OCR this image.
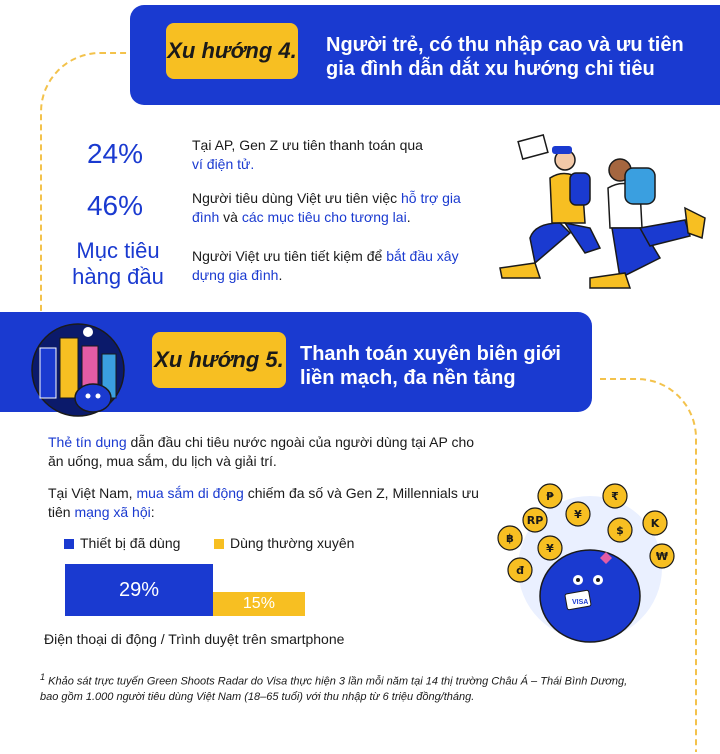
Xu hướng 4. Người trẻ, có thu nhập cao và ưu tiên
gia đình dẫn dắt xu hướng chi tiêu
24%	Tại AP, Gen Z ưu tiên thanh toán qua
ví điện tử.
46%	Người tiêu dùng Việt ưu tiên việc hỗ trợ gia đình và các mục tiêu cho tương lai.
Mục tiêu
hàng đầu
Người Việt ưu tiên tiết kiệm để bắt đầu xây dựng gia đình.
Xu hướng 5. Thanh toán xuyên biên giới
liền mạch, đa nền tảng
Thẻ tín dụng dẫn đầu chi tiêu nước ngoài của người dùng tại AP cho ăn uống, mua sắm, du lịch và giải trí.
Tại Việt Nam, mua sắm di động chiếm đa số và Gen Z, Millennials ưu tiên mạng xã hội:
Thiết bị đã dùng	Dùng thường xuyên
29%
15%
Điện thoại di động / Trình duyệt trên smartphone
VISA
₱	₹
RP	¥
$
K
฿
¥
₩
đ
$^1$ Khảo sát trực tuyến Green Shoots Radar do Visa thực hiện 3 lần mỗi năm tại 14 thị trường Châu Á – Thái Bình Dương, bao gồm 1.000 người tiêu dùng Việt Nam (18–65 tuổi) với thu nhập từ 6 triệu đồng/tháng.
